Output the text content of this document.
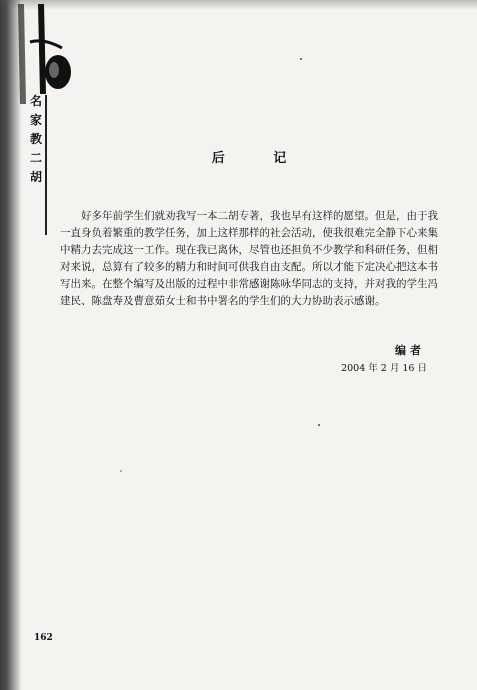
名
家
教
二
胡
后 记
好多年前学生们就劝我写一本二胡专著，我也早有这样的愿望。但是，由于我一直身负着繁重的教学任务，加上这样那样的社会活动，使我很难完全静下心来集中精力去完成这一工作。现在我已离休，尽管也还担负不少教学和科研任务，但相对来说，总算有了较多的精力和时间可供我自由支配。所以才能下定决心把这本书写出来。在整个编写及出版的过程中非常感谢陈咏华同志的支持，并对我的学生冯建民、陈盘寿及曹意茹女士和书中署名的学生们的大力协助表示感谢。
编者
2004 年 2 月 16 日
162
